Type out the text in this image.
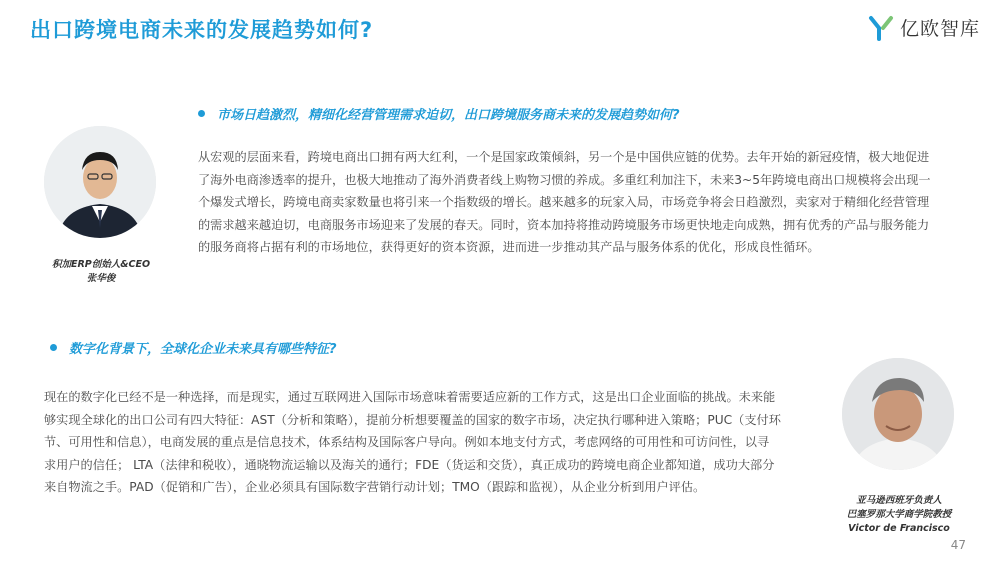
出口跨境电商未来的发展趋势如何?	亿欧智库
市场日趋激烈，精细化经营管理需求迫切，出口跨境服务商未来的发展趋势如何?
积加ERP创始人&CEO
张华俊
从宏观的层面来看，跨境电商出口拥有两大红利，一个是国家政策倾斜，另一个是中国供应链的优势。去年开始的新冠疫情，极大地促进
了海外电商渗透率的提升，也极大地推动了海外消费者线上购物习惯的养成。多重红利加注下，未来3~5年跨境电商出口规模将会出现一
个爆发式增长，跨境电商卖家数量也将引来一个指数级的增长。越来越多的玩家入局，市场竞争将会日趋激烈，卖家对于精细化经营管理
的需求越来越迫切，电商服务市场迎来了发展的春天。同时，资本加持将推动跨境服务市场更快地走向成熟，拥有优秀的产品与服务能力
的服务商将占据有利的市场地位，获得更好的资本资源，进而进一步推动其产品与服务体系的优化，形成良性循环。
数字化背景下，全球化企业未来具有哪些特征?
现在的数字化已经不是一种选择，而是现实，通过互联网进入国际市场意味着需要适应新的工作方式，这是出口企业面临的挑战。未来能
够实现全球化的出口公司有四大特征：AST（分析和策略），提前分析想要覆盖的国家的数字市场，决定执行哪种进入策略；PUC（支付环
节、可用性和信息），电商发展的重点是信息技术，体系结构及国际客户导向。例如本地支付方式，考虑网络的可用性和可访问性，以寻
求用户的信任； LTA（法律和税收），通晓物流运输以及海关的通行；FDE（货运和交货），真正成功的跨境电商企业都知道，成功大部分
来自物流之手。PAD（促销和广告），企业必须具有国际数字营销行动计划；TMO（跟踪和监视），从企业分析到用户评估。
亚马逊西班牙负责人
巴塞罗那大学商学院教授
Victor de Francisco
47
